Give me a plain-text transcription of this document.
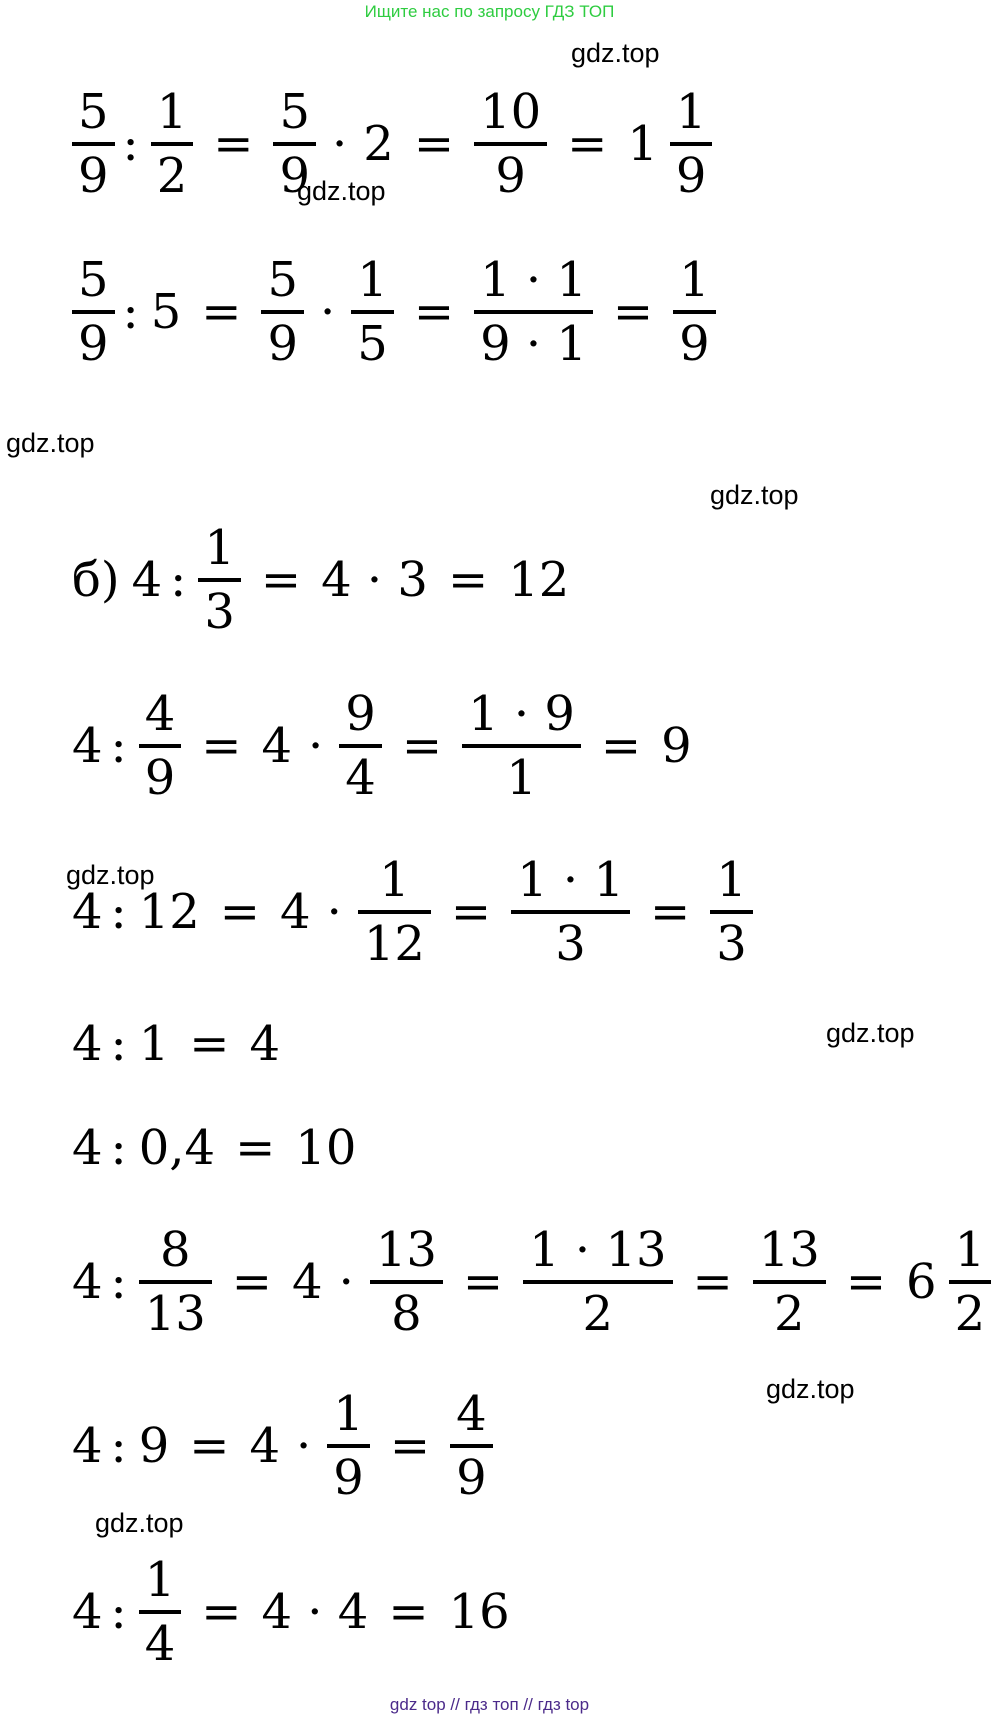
Ищите нас по запросу ГДЗ ТОП
gdz.top
gdz.top
gdz.top
gdz.top
gdz.top
gdz.top
gdz.top
gdz.top
$\frac{5}{9}$ : $\frac{1}{2} = \frac{5}{9} \cdot 2 = \frac{10}{9} = 1 \frac{1}{9}$
$\frac{5}{9}$ : $5 = \frac{5}{9} \cdot \frac{1}{5} = \frac{1 \cdot 1}{9 \cdot 1} = \frac{1}{9}$
б) 4 : $\frac{1}{3} = 4 \cdot 3 = 12$
4 : $\frac{4}{9} = 4 \cdot \frac{9}{4} = \frac{1 \cdot 9}{1} = 9$
4 : $12 = 4 \cdot \frac{1}{12} = \frac{1 \cdot 1}{3} = \frac{1}{3}$
4 : 1 = 4
4 : 0,4 = 10
4 : $\frac{8}{13} = 4 \cdot \frac{13}{8} = \frac{1 \cdot 13}{2} = \frac{13}{2} = 6 \frac{1}{2}$
4 : $9 = 4 \cdot \frac{1}{9} = \frac{4}{9}$
4 : $\frac{1}{4} = 4 \cdot 4 = 16$
gdz top // гдз топ // гдз top
